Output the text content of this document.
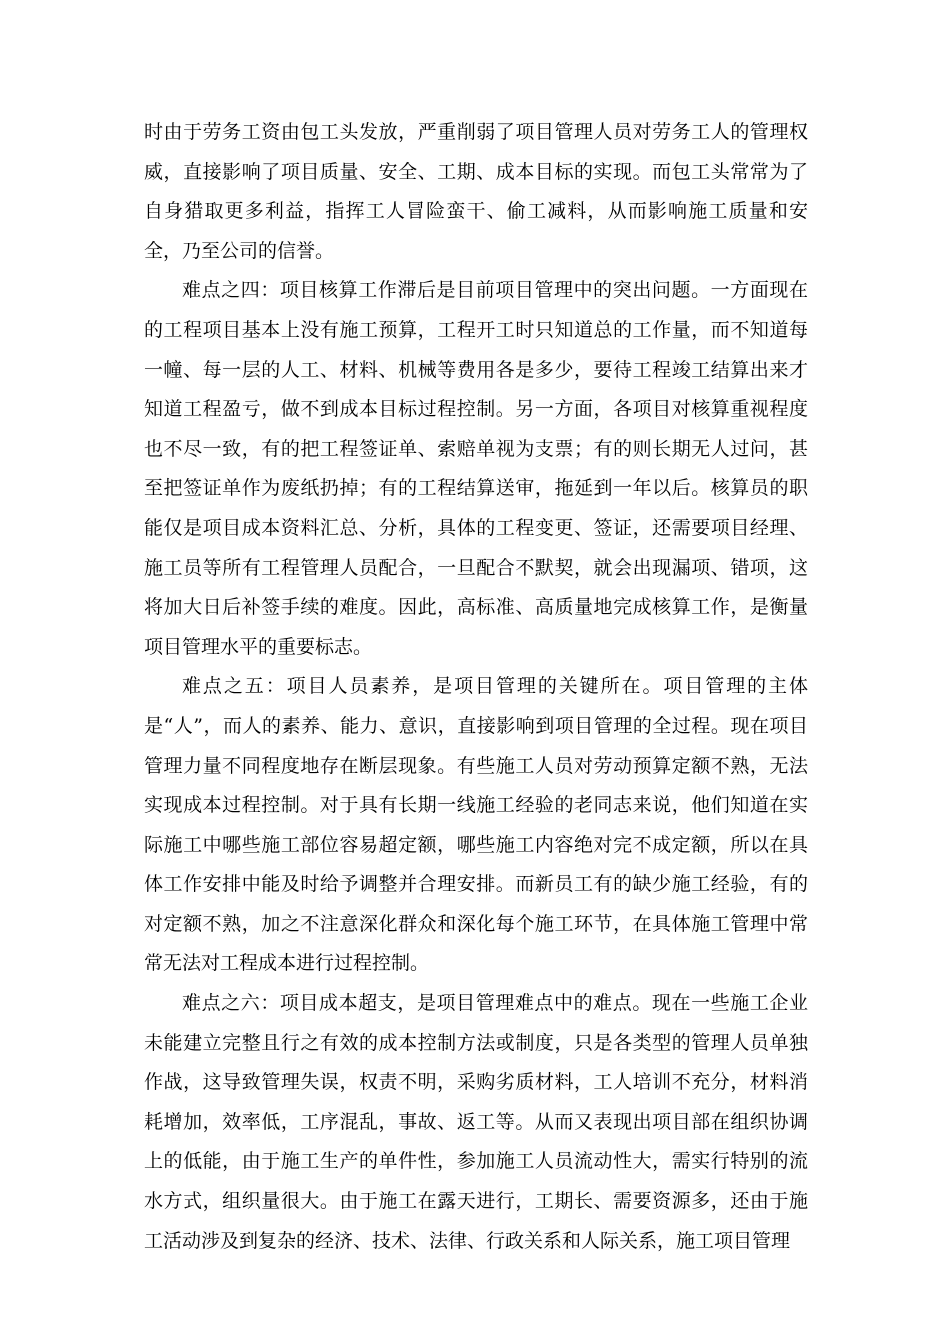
时由于劳务工资由包工头发放，严重削弱了项目管理人员对劳务工人的管理权威，直接影响了项目质量、安全、工期、成本目标的实现。而包工头常常为了自身猎取更多利益，指挥工人冒险蛮干、偷工减料，从而影响施工质量和安全，乃至公司的信誉。

难点之四：项目核算工作滞后是目前项目管理中的突出问题。一方面现在的工程项目基本上没有施工预算，工程开工时只知道总的工作量，而不知道每一幢、每一层的人工、材料、机械等费用各是多少，要待工程竣工结算出来才知道工程盈亏，做不到成本目标过程控制。另一方面，各项目对核算重视程度也不尽一致，有的把工程签证单、索赔单视为支票；有的则长期无人过问，甚至把签证单作为废纸扔掉；有的工程结算送审，拖延到一年以后。核算员的职能仅是项目成本资料汇总、分析，具体的工程变更、签证，还需要项目经理、施工员等所有工程管理人员配合，一旦配合不默契，就会出现漏项、错项，这将加大日后补签手续的难度。因此，高标准、高质量地完成核算工作，是衡量项目管理水平的重要标志。

难点之五：项目人员素养，是项目管理的关键所在。项目管理的主体是“人”，而人的素养、能力、意识，直接影响到项目管理的全过程。现在项目管理力量不同程度地存在断层现象。有些施工人员对劳动预算定额不熟，无法实现成本过程控制。对于具有长期一线施工经验的老同志来说，他们知道在实际施工中哪些施工部位容易超定额，哪些施工内容绝对完不成定额，所以在具体工作安排中能及时给予调整并合理安排。而新员工有的缺少施工经验，有的对定额不熟，加之不注意深化群众和深化每个施工环节，在具体施工管理中常常无法对工程成本进行过程控制。

难点之六：项目成本超支，是项目管理难点中的难点。现在一些施工企业未能建立完整且行之有效的成本控制方法或制度，只是各类型的管理人员单独作战，这导致管理失误，权责不明，采购劣质材料，工人培训不充分，材料消耗增加，效率低，工序混乱，事故、返工等。从而又表现出项目部在组织协调上的低能，由于施工生产的单件性，参加施工人员流动性大，需实行特别的流水方式，组织量很大。由于施工在露天进行，工期长、需要资源多，还由于施工活动涉及到复杂的经济、技术、法律、行政关系和人际关系，施工项目管理
